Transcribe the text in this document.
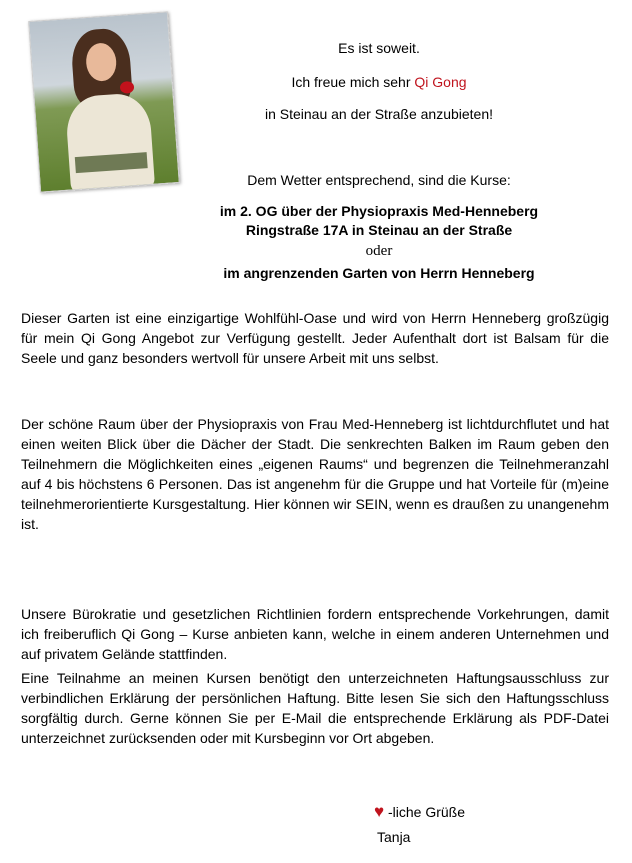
Es ist soweit.
Ich freue mich sehr Qi Gong
in Steinau an der Straße anzubieten!
Dem Wetter entsprechend, sind die Kurse:
im 2. OG über der Physiopraxis Med-Henneberg
Ringstraße 17A in Steinau an der Straße
oder
im angrenzenden Garten von Herrn Henneberg

Dieser Garten ist eine einzigartige Wohlfühl-Oase und wird von Herrn Henneberg großzügig für mein Qi Gong Angebot zur Verfügung gestellt. Jeder Aufenthalt dort ist Balsam für die Seele und ganz besonders wertvoll für unsere Arbeit mit uns selbst.

Der schöne Raum über der Physiopraxis von Frau Med-Henneberg ist lichtdurchflutet und hat einen weiten Blick über die Dächer der Stadt. Die senkrechten Balken im Raum geben den Teilnehmern die Möglichkeiten eines „eigenen Raums“ und begrenzen die Teilnehmeranzahl auf 4 bis höchstens 6 Personen. Das ist angenehm für die Gruppe und hat Vorteile für (m)eine teilnehmerorientierte Kursgestaltung. Hier können wir SEIN, wenn es draußen zu unangenehm ist.

Unsere Bürokratie und gesetzlichen Richtlinien fordern entsprechende Vorkehrungen, damit ich freiberuflich Qi Gong – Kurse anbieten kann, welche in einem anderen Unternehmen und auf privatem Gelände stattfinden.

Eine Teilnahme an meinen Kursen benötigt den unterzeichneten Haftungsausschluss zur verbindlichen Erklärung der persönlichen Haftung. Bitte lesen Sie sich den Haftungsschluss sorgfältig durch. Gerne können Sie per E-Mail die entsprechende Erklärung als PDF-Datei unterzeichnet zurücksenden oder mit Kursbeginn vor Ort abgeben.

♥ -liche Grüße
Tanja
